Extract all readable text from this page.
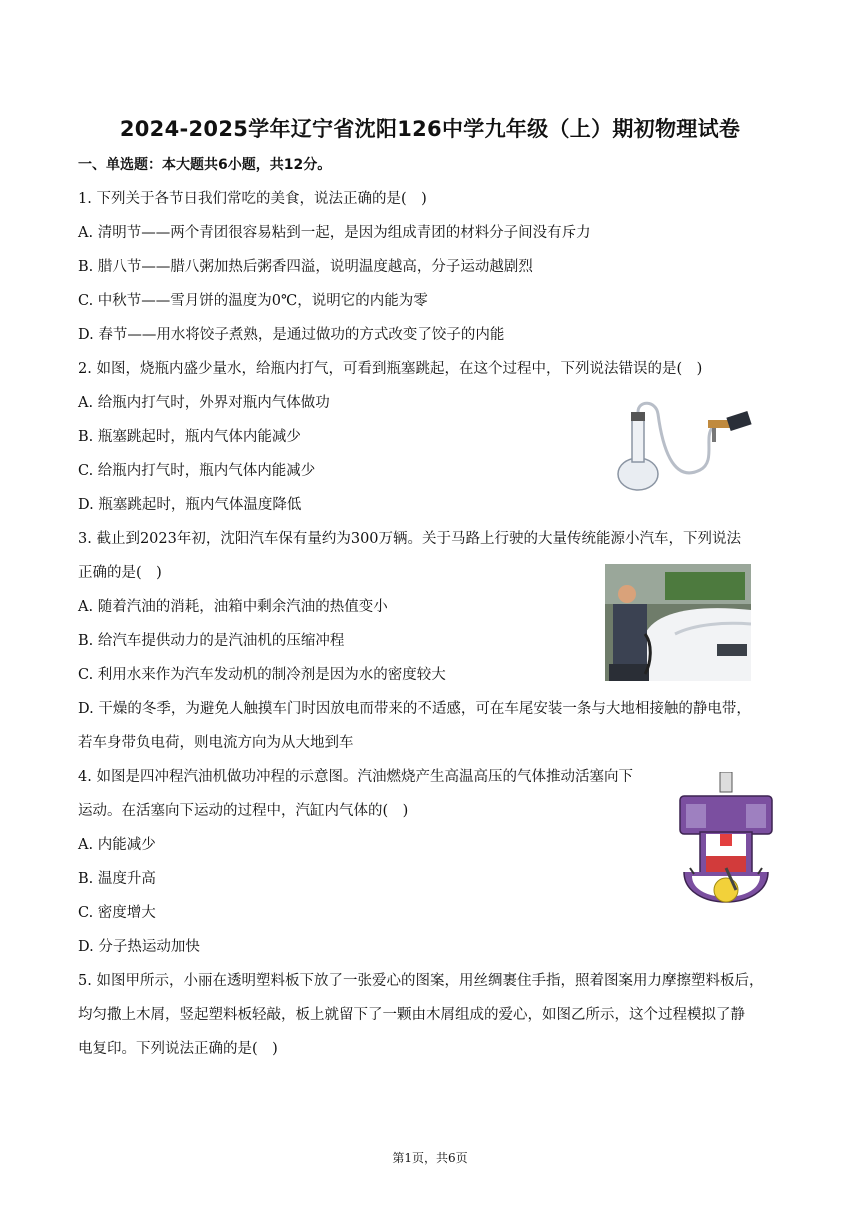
2024-2025学年辽宁省沈阳126中学九年级（上）期初物理试卷
一、单选题：本大题共6小题，共12分。
1. 下列关于各节日我们常吃的美食，说法正确的是(　)
A. 清明节——两个青团很容易粘到一起，是因为组成青团的材料分子间没有斥力
B. 腊八节——腊八粥加热后粥香四溢，说明温度越高，分子运动越剧烈
C. 中秋节——雪月饼的温度为0℃，说明它的内能为零
D. 春节——用水将饺子煮熟，是通过做功的方式改变了饺子的内能
2. 如图，烧瓶内盛少量水，给瓶内打气，可看到瓶塞跳起，在这个过程中，下列说法错误的是(　)
A. 给瓶内打气时，外界对瓶内气体做功
B. 瓶塞跳起时，瓶内气体内能减少
C. 给瓶内打气时，瓶内气体内能减少
D. 瓶塞跳起时，瓶内气体温度降低
3. 截止到2023年初，沈阳汽车保有量约为300万辆。关于马路上行驶的大量传统能源小汽车，下列说法
正确的是(　)
A. 随着汽油的消耗，油箱中剩余汽油的热值变小
B. 给汽车提供动力的是汽油机的压缩冲程
C. 利用水来作为汽车发动机的制冷剂是因为水的密度较大
D. 干燥的冬季，为避免人触摸车门时因放电而带来的不适感，可在车尾安装一条与大地相接触的静电带，
若车身带负电荷，则电流方向为从大地到车
4. 如图是四冲程汽油机做功冲程的示意图。汽油燃烧产生高温高压的气体推动活塞向下
运动。在活塞向下运动的过程中，汽缸内气体的(　)
A. 内能减少
B. 温度升高
C. 密度增大
D. 分子热运动加快
5. 如图甲所示，小丽在透明塑料板下放了一张爱心的图案，用丝绸裹住手指，照着图案用力摩擦塑料板后，
均匀撒上木屑，竖起塑料板轻敲，板上就留下了一颗由木屑组成的爱心，如图乙所示，这个过程模拟了静
电复印。下列说法正确的是(　)
第1页，共6页
